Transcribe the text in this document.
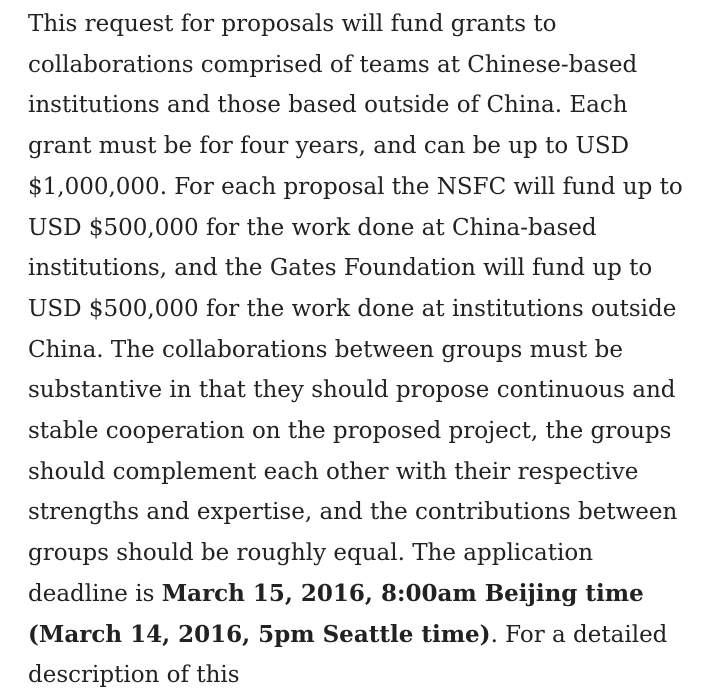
This request for proposals will fund grants to collaborations comprised of teams at Chinese-based institutions and those based outside of China. Each grant must be for four years, and can be up to USD $1,000,000. For each proposal the NSFC will fund up to USD $500,000 for the work done at China-based institutions, and the Gates Foundation will fund up to USD $500,000 for the work done at institutions outside China. The collaborations between groups must be substantive in that they should propose continuous and stable cooperation on the proposed project, the groups should complement each other with their respective strengths and expertise, and the contributions between groups should be roughly equal. The application deadline is March 15, 2016, 8:00am Beijing time (March 14, 2016, 5pm Seattle time). For a detailed description of this
